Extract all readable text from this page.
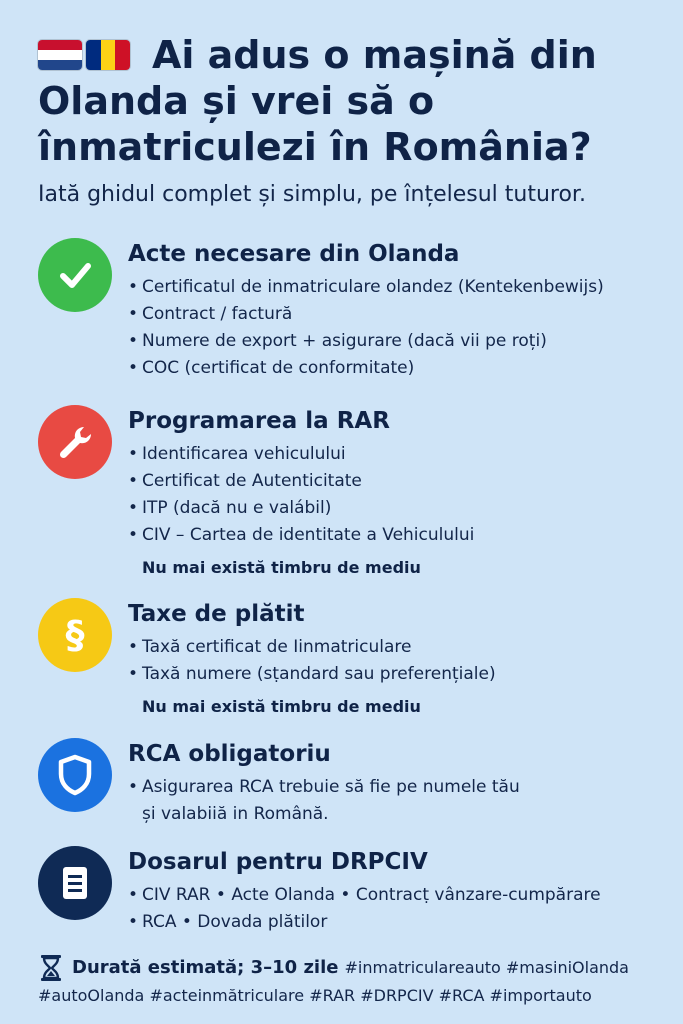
Ai adus o mașină din Olanda și vrei să o înmatriculezi în România?

Iată ghidul complet și simplu, pe înțelesul tuturor.

Acte necesare din Olanda
• Certificatul de inmatriculare olandez (Kentekenbewijs)
• Contract / factură
• Numere de export + asigurare (dacă vii pe roți)
• COC (certificat de conformitate)
Programarea la RAR
• Identificarea vehiculului
• Certificat de Autenticitate
• ITP (dacă nu e valábil)
• CIV – Cartea de identitate a Vehiculului

Nu mai există timbru de mediu

§ Taxe de plătit
• Taxă certificat de Iinmatriculare
• Taxă numere (sṭandard sau preferențiale)

Nu mai există timbru de mediu

RCA obligatoriu
• Asigurarea RCA trebuie să fie pe numele tău
și valabiiă in Română.
Dosarul pentru DRPCIV
• CIV RAR • Acte Olanda • Contracṭ vânzare-cumpărare
• RCA • Dovada plătilor
Durată estimată; 3–10 zile #inmatricularеauto #masiniOlanda
#autoOlanda #acteinmătriculare #RAR #DRPCIV #RCA #importauto
